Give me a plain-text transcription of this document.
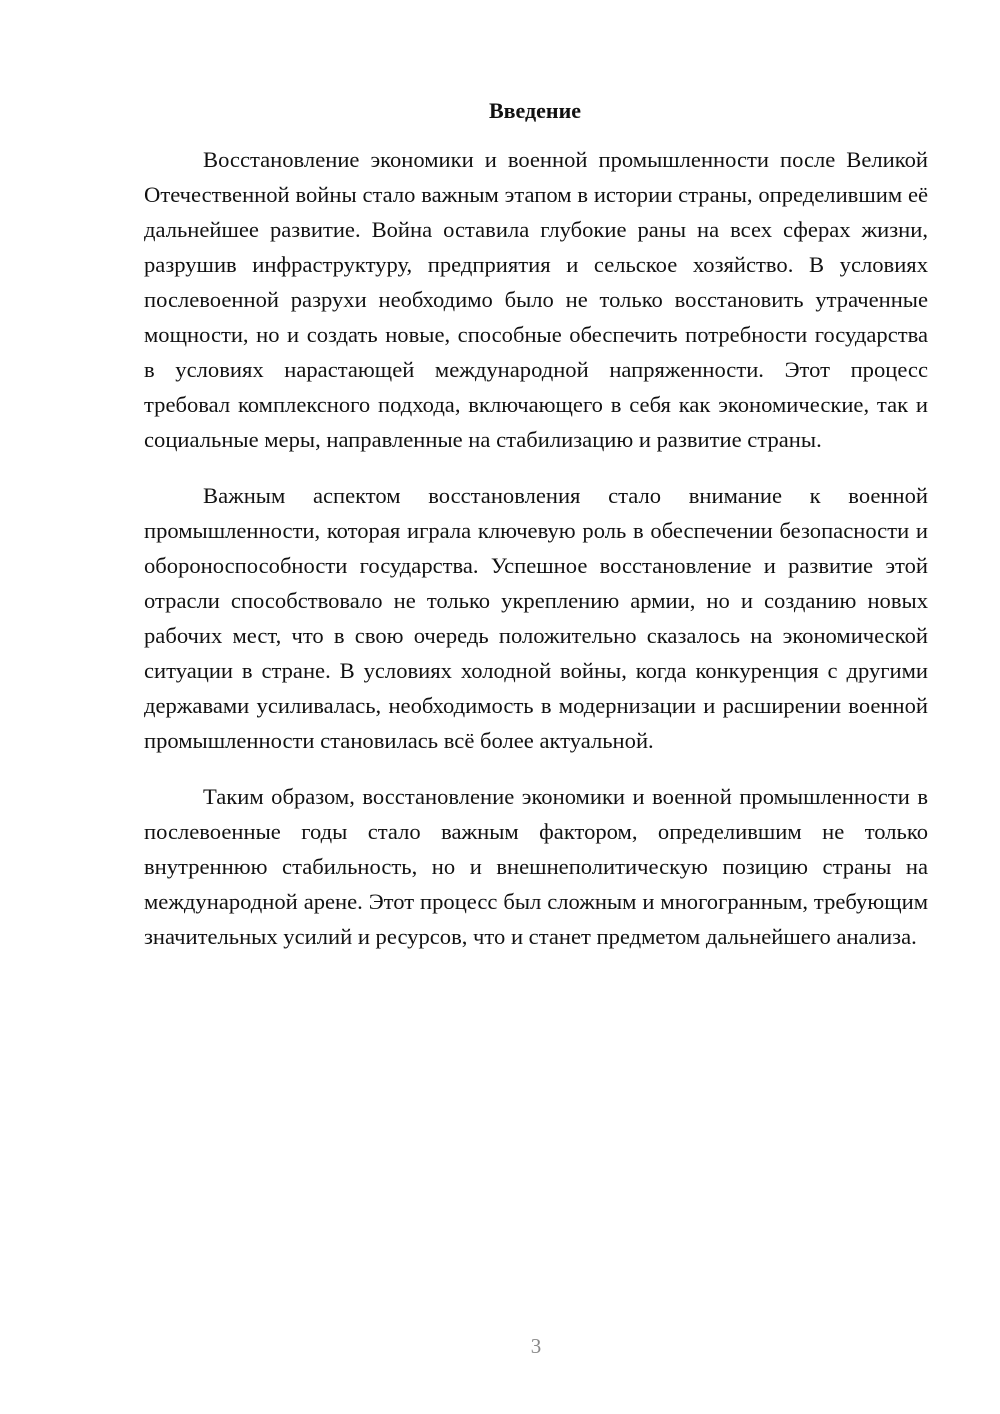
Введение

Восстановление экономики и военной промышленности после Великой Отечественной войны стало важным этапом в истории страны, определившим её дальнейшее развитие. Война оставила глубокие раны на всех сферах жизни, разрушив инфраструктуру, предприятия и сельское хозяйство. В условиях послевоенной разрухи необходимо было не только восстановить утраченные мощности, но и создать новые, способные обеспечить потребности государства в условиях нарастающей международной напряженности. Этот процесс требовал комплексного подхода, включающего в себя как экономические, так и социальные меры, направленные на стабилизацию и развитие страны.

Важным аспектом восстановления стало внимание к военной промышленности, которая играла ключевую роль в обеспечении безопасности и обороноспособности государства. Успешное восстановление и развитие этой отрасли способствовало не только укреплению армии, но и созданию новых рабочих мест, что в свою очередь положительно сказалось на экономической ситуации в стране. В условиях холодной войны, когда конкуренция с другими державами усиливалась, необходимость в модернизации и расширении военной промышленности становилась всё более актуальной.

Таким образом, восстановление экономики и военной промышленности в послевоенные годы стало важным фактором, определившим не только внутреннюю стабильность, но и внешнеполитическую позицию страны на международной арене. Этот процесс был сложным и многогранным, требующим значительных усилий и ресурсов, что и станет предметом дальнейшего анализа.

3
